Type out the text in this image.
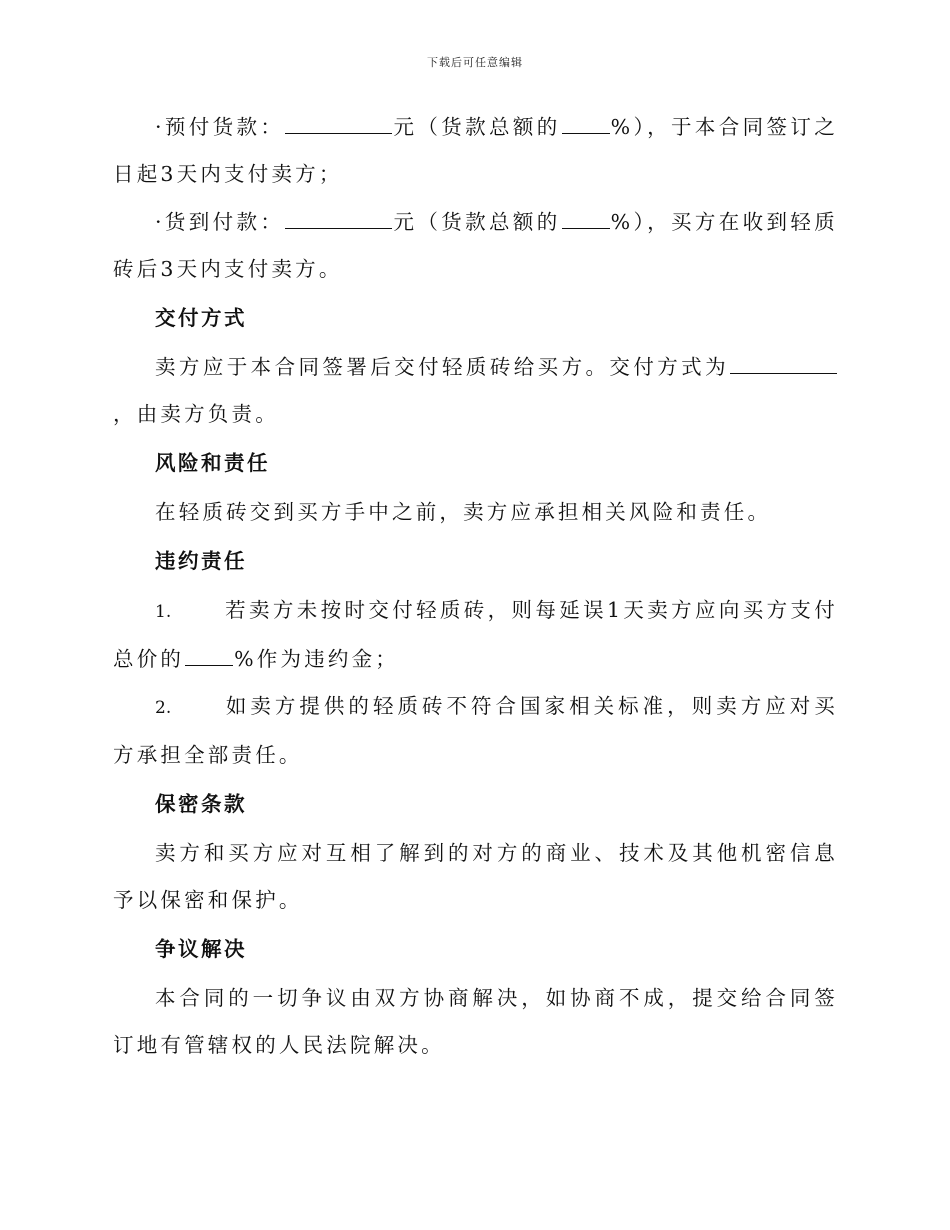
下载后可任意编辑

·预付货款：	元（货款总额的 %），于本合同签订之日起3天内支付卖方；

·货到付款：	元（货款总额的 %），买方在收到轻质砖后3天内支付卖方。

交付方式

卖方应于本合同签署后交付轻质砖给买方。交付方式为，由卖方负责。

风险和责任

在轻质砖交到买方手中之前，卖方应承担相关风险和责任。

违约责任

1.	若卖方未按时交付轻质砖，则每延误1天卖方应向买方支付总价的 %作为违约金；

2.	如卖方提供的轻质砖不符合国家相关标准，则卖方应对买方承担全部责任。

保密条款

卖方和买方应对互相了解到的对方的商业、技术及其他机密信息予以保密和保护。

争议解决

本合同的一切争议由双方协商解决，如协商不成，提交给合同签订地有管辖权的人民法院解决。
